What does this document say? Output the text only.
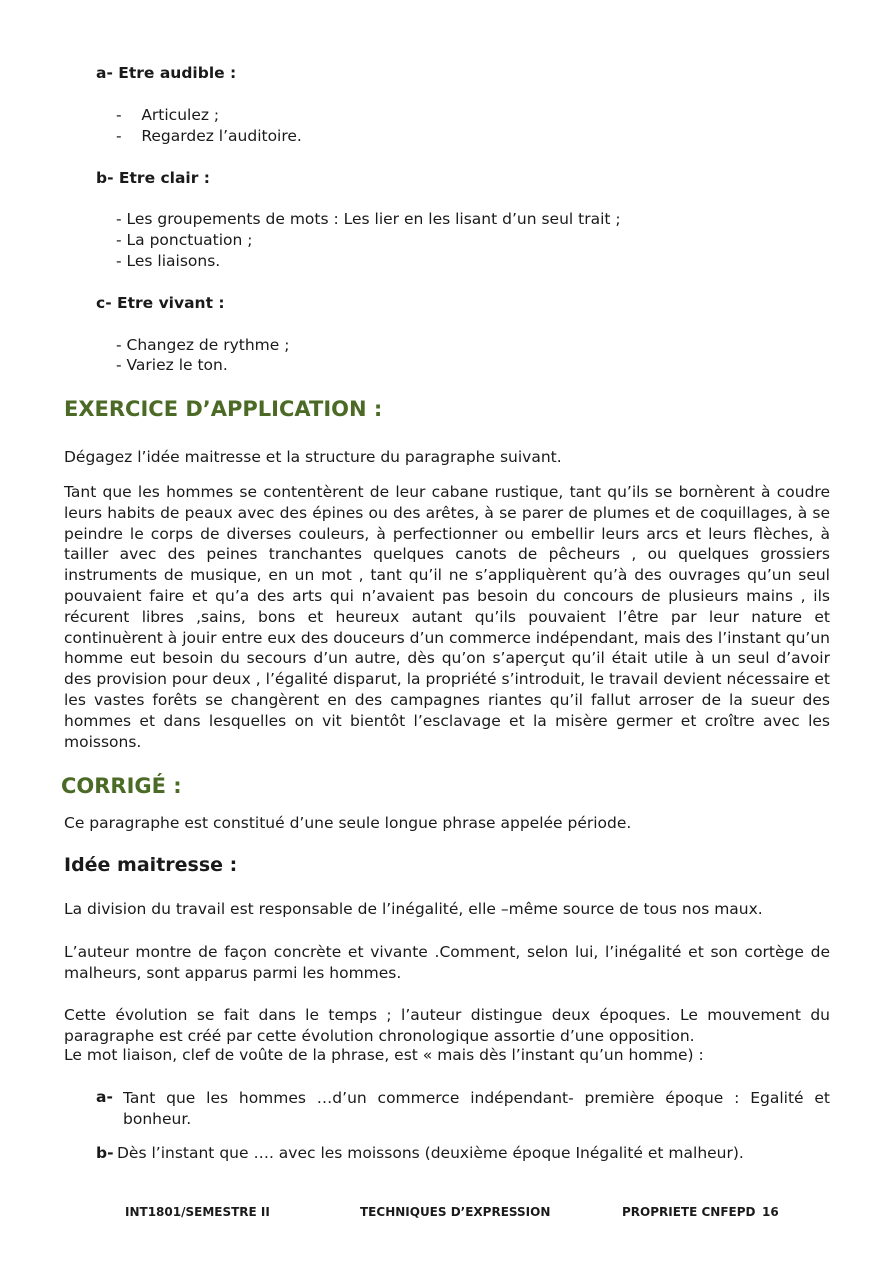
a- Etre audible :
-    Articulez ;
-    Regardez l’auditoire.
b- Etre clair :
- Les groupements de mots : Les lier en les lisant d’un seul trait ;
- La ponctuation ;
- Les liaisons.
c- Etre vivant :
- Changez de rythme ;
- Variez le ton.
EXERCICE D’APPLICATION :
Dégagez l’idée maitresse et la structure du paragraphe suivant.
Tant que les hommes se contentèrent de leur cabane rustique, tant qu’ils se bornèrent à coudre leurs habits de peaux avec des épines ou des arêtes, à se parer de plumes et de coquillages, à se peindre le corps de diverses couleurs, à perfectionner ou embellir leurs arcs et leurs flèches, à tailler avec des peines tranchantes quelques canots de pêcheurs , ou quelques grossiers instruments de musique, en un mot , tant qu’il ne s’appliquèrent qu’à des ouvrages qu’un seul pouvaient faire et qu’a des arts qui n’avaient pas besoin du concours de plusieurs mains , ils récurent libres ,sains, bons et heureux autant qu’ils pouvaient l’être par leur nature et continuèrent à jouir entre eux des douceurs d’un commerce indépendant, mais des l’instant qu’un homme eut besoin du secours d’un autre, dès qu’on s’aperçut qu’il était utile à un seul d’avoir des provision pour deux , l’égalité disparut, la propriété s’introduit, le travail devient nécessaire et les vastes forêts se changèrent en des campagnes riantes qu’il fallut arroser de la sueur des hommes et dans lesquelles on vit bientôt l’esclavage et la misère germer et croître avec les moissons.
CORRIGÉ :
Ce paragraphe est constitué d’une seule longue phrase appelée période.
Idée maitresse :
La division du travail est responsable de l’inégalité, elle –même source de tous nos maux.
L’auteur montre de façon concrète et vivante .Comment, selon lui, l’inégalité et son cortège de malheurs, sont apparus parmi les hommes.
Cette évolution se fait dans le temps ; l’auteur distingue deux époques. Le mouvement du paragraphe est créé par cette évolution chronologique assortie d’une opposition.
Le mot liaison, clef de voûte de la phrase, est « mais dès l’instant qu’un homme) :
a- Tant que les hommes …d’un commerce indépendant- première époque : Egalité et bonheur.
b- Dès l’instant que …. avec les moissons (deuxième époque Inégalité et malheur).
INT1801/SEMESTRE II	TECHNIQUES D’EXPRESSION	PROPRIETE CNFEPD 16
